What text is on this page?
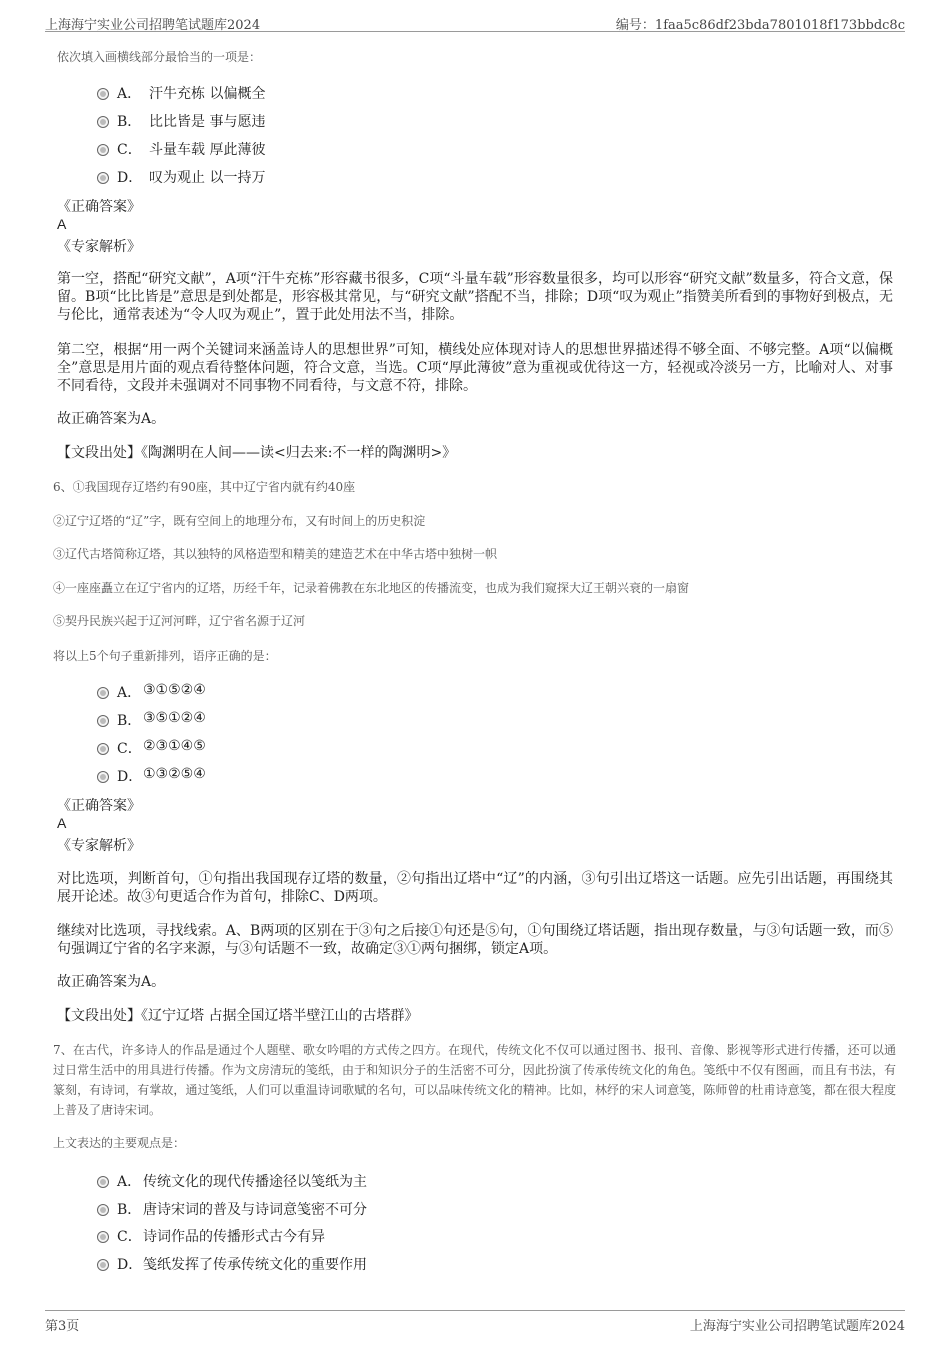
上海海宁实业公司招聘笔试题库2024	编号：1faa5c86df23bda7801018f173bbdc8c
依次填入画横线部分最恰当的一项是：
A． 汗牛充栋 以偏概全
B． 比比皆是 事与愿违
C． 斗量车载 厚此薄彼
D． 叹为观止 以一持万
《正确答案》
A
《专家解析》
第一空，搭配“研究文献”，A项“汗牛充栋”形容藏书很多，C项“斗量车载”形容数量很多，均可以形容“研究文献”数量多，符合文意，保留。B项“比比皆是”意思是到处都是，形容极其常见，与“研究文献”搭配不当，排除；D项“叹为观止”指赞美所看到的事物好到极点，无与伦比，通常表述为“令人叹为观止”，置于此处用法不当，排除。
第二空，根据“用一两个关键词来涵盖诗人的思想世界”可知，横线处应体现对诗人的思想世界描述得不够全面、不够完整。A项“以偏概全”意思是用片面的观点看待整体问题，符合文意，当选。C项“厚此薄彼”意为重视或优待这一方，轻视或冷淡另一方，比喻对人、对事不同看待，文段并未强调对不同事物不同看待，与文意不符，排除。
故正确答案为A。
【文段出处】《陶渊明在人间——读<归去来:不一样的陶渊明>》
6、①我国现存辽塔约有90座，其中辽宁省内就有约40座
②辽宁辽塔的“辽”字，既有空间上的地理分布，又有时间上的历史积淀
③辽代古塔简称辽塔，其以独特的风格造型和精美的建造艺术在中华古塔中独树一帜
④一座座矗立在辽宁省内的辽塔，历经千年，记录着佛教在东北地区的传播流变，也成为我们窥探大辽王朝兴衰的一扇窗
⑤契丹民族兴起于辽河河畔，辽宁省名源于辽河
将以上5个句子重新排列，语序正确的是：
A． ③①⑤②④
B． ③⑤①②④
C． ②③①④⑤
D． ①③②⑤④
《正确答案》
A
《专家解析》
对比选项，判断首句，①句指出我国现存辽塔的数量，②句指出辽塔中“辽”的内涵，③句引出辽塔这一话题。应先引出话题，再围绕其展开论述。故③句更适合作为首句，排除C、D两项。
继续对比选项，寻找线索。A、B两项的区别在于③句之后接①句还是⑤句，①句围绕辽塔话题，指出现存数量，与③句话题一致，而⑤句强调辽宁省的名字来源，与③句话题不一致，故确定③①两句捆绑，锁定A项。
故正确答案为A。
【文段出处】《辽宁辽塔 占据全国辽塔半壁江山的古塔群》
7、在古代，许多诗人的作品是通过个人题壁、歌女吟唱的方式传之四方。在现代，传统文化不仅可以通过图书、报刊、音像、影视等形式进行传播，还可以通过日常生活中的用具进行传播。作为文房清玩的笺纸，由于和知识分子的生活密不可分，因此扮演了传承传统文化的角色。笺纸中不仅有图画，而且有书法，有篆刻，有诗词，有掌故，通过笺纸，人们可以重温诗词歌赋的名句，可以品味传统文化的精神。比如，林纾的宋人词意笺，陈师曾的杜甫诗意笺，都在很大程度上普及了唐诗宋词。
上文表达的主要观点是：
A． 传统文化的现代传播途径以笺纸为主
B． 唐诗宋词的普及与诗词意笺密不可分
C． 诗词作品的传播形式古今有异
D． 笺纸发挥了传承传统文化的重要作用
第3页	上海海宁实业公司招聘笔试题库2024
